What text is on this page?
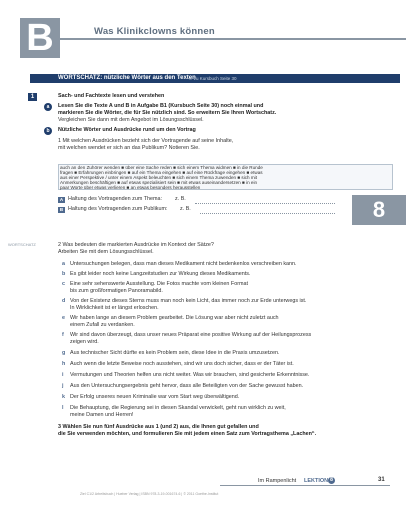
B	Was Klinikclowns können
WORTSCHATZ: nützliche Wörter aus den Texten
→ zu Kursbuch Seite 30
1	Sach- und Fachtexte lesen und verstehen
a	Lesen Sie die Texte A und B in Aufgabe B1 (Kursbuch Seite 30) noch einmal und
markieren Sie die Wörter, die für Sie nützlich sind. So erweitern Sie Ihren Wortschatz.
Vergleichen Sie dann mit dem Angebot im Lösungsschlüssel.
b	Nützliche Wörter und Ausdrücke rund um den Vortrag
1 Mit welchen Ausdrücken bezieht sich der Vortragende auf seine Inhalte,
mit welchen wendet er sich an das Publikum? Notieren Sie.
auch an den Zuhörer wenden ■ über eine Sache reden ■ sich einem Thema widmen ■ in die Runde
fragen ■ Erfahrungen einbringen ■ auf ein Thema eingehen ■ auf eine Rückfrage eingehen ■ etwas
aus einer Perspektive / unter einem Aspekt beleuchten ■ sich einem Thema zuwenden ■ sich mit
Anmerkungen beschäftigen ■ auf etwas spezialisiert sein ■ mit etwas auseinandersetzen ■ in ein
paar Worte über etwas verlieren ■ an etwas besonders herausstellen
A Haltung des Vortragenden zum Thema: z. B.
B Haltung des Vortragenden zum Publikum: z. B.	8
WORTSCHATZ	2 Was bedeuten die markierten Ausdrücke im Kontext der Sätze?
Arbeiten Sie mit dem Lösungsschlüssel.
a Untersuchungen belegen, dass man dieses Medikament nicht bedenkenlos verschreiben kann.
b Es gibt leider noch keine Langzeitstudien zur Wirkung dieses Medikaments.
c Eine sehr sehenswerte Ausstellung. Die Fotos machte vom kleinen Format
bis zum großformatigen Panoramabild.
d Von der Existenz dieses Sterns muss man noch kein Licht, das immer noch zur Erde unterwegs ist.
In Wirklichkeit ist er längst erloschen.
e Wir haben lange an diesem Problem gearbeitet. Die Lösung war aber nicht zuletzt auch
einem Zufall zu verdanken.
f Wir sind davon überzeugt, dass unser neues Präparat eine positive Wirkung auf der Heilungsprozess
zeigen wird.
g Aus technischer Sicht dürfte es kein Problem sein, diese Idee in die Praxis umzusetzen.
h Auch wenn die letzte Beweise noch ausstehen, sind wir uns doch sicher, dass er der Täter ist.
i Vermutungen und Theorien helfen uns nicht weiter. Was wir brauchen, sind gesicherte Erkenntnisse.
j Aus den Untersuchungsergebnis geht hervor, dass alle Beteiligten von der Sache gewusst haben.
k Der Erfolg unseres neuen Kriminalie war vom Start weg überwältigend.
l Die Behauptung, die Regierung sei in diesen Skandal verwickelt, geht nun wirklich zu weit,
meine Damen und Herren!
3 Wählen Sie nun fünf Ausdrücke aus 1 (und 2) aus, die Ihnen gut gefallen und
die Sie verwenden möchten, und formulieren Sie mit jedem einen Satz zum Vortragsthema „Lachen“.
Im Rampenlicht LEKTION 8	31
Ziel C1/2 Arbeitsbuch | Hueber Verlag | ISBN 978-3-19-001674-6 | © 2011 Goethe-Institut
